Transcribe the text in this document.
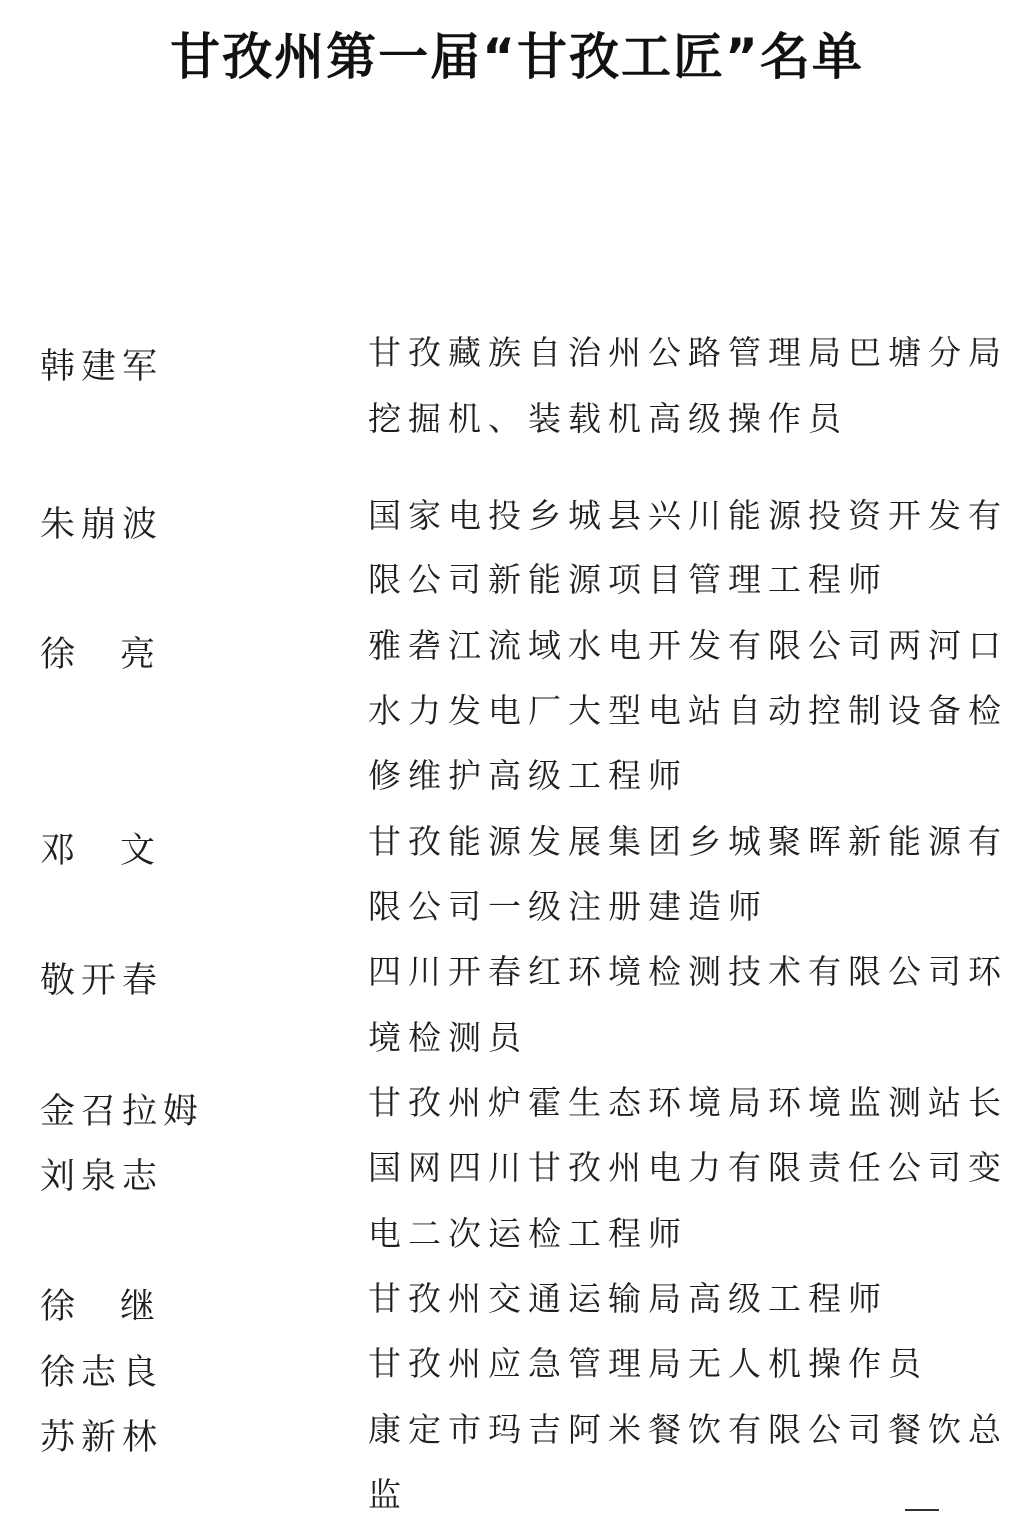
甘孜州第一届“甘孜工匠”名单
韩建军	甘孜藏族自治州公路管理局巴塘分局
挖掘机、装载机高级操作员
朱崩波	国家电投乡城县兴川能源投资开发有
限公司新能源项目管理工程师
徐 亮	雅砻江流域水电开发有限公司两河口
水力发电厂大型电站自动控制设备检
修维护高级工程师
邓 文	甘孜能源发展集团乡城聚晖新能源有
限公司一级注册建造师
敬开春	四川开春红环境检测技术有限公司环
境检测员
金召拉姆	甘孜州炉霍生态环境局环境监测站长
刘泉志	国网四川甘孜州电力有限责任公司变
电二次运检工程师
徐 继	甘孜州交通运输局高级工程师
徐志良	甘孜州应急管理局无人机操作员
苏新林	康定市玛吉阿米餐饮有限公司餐饮总
监
